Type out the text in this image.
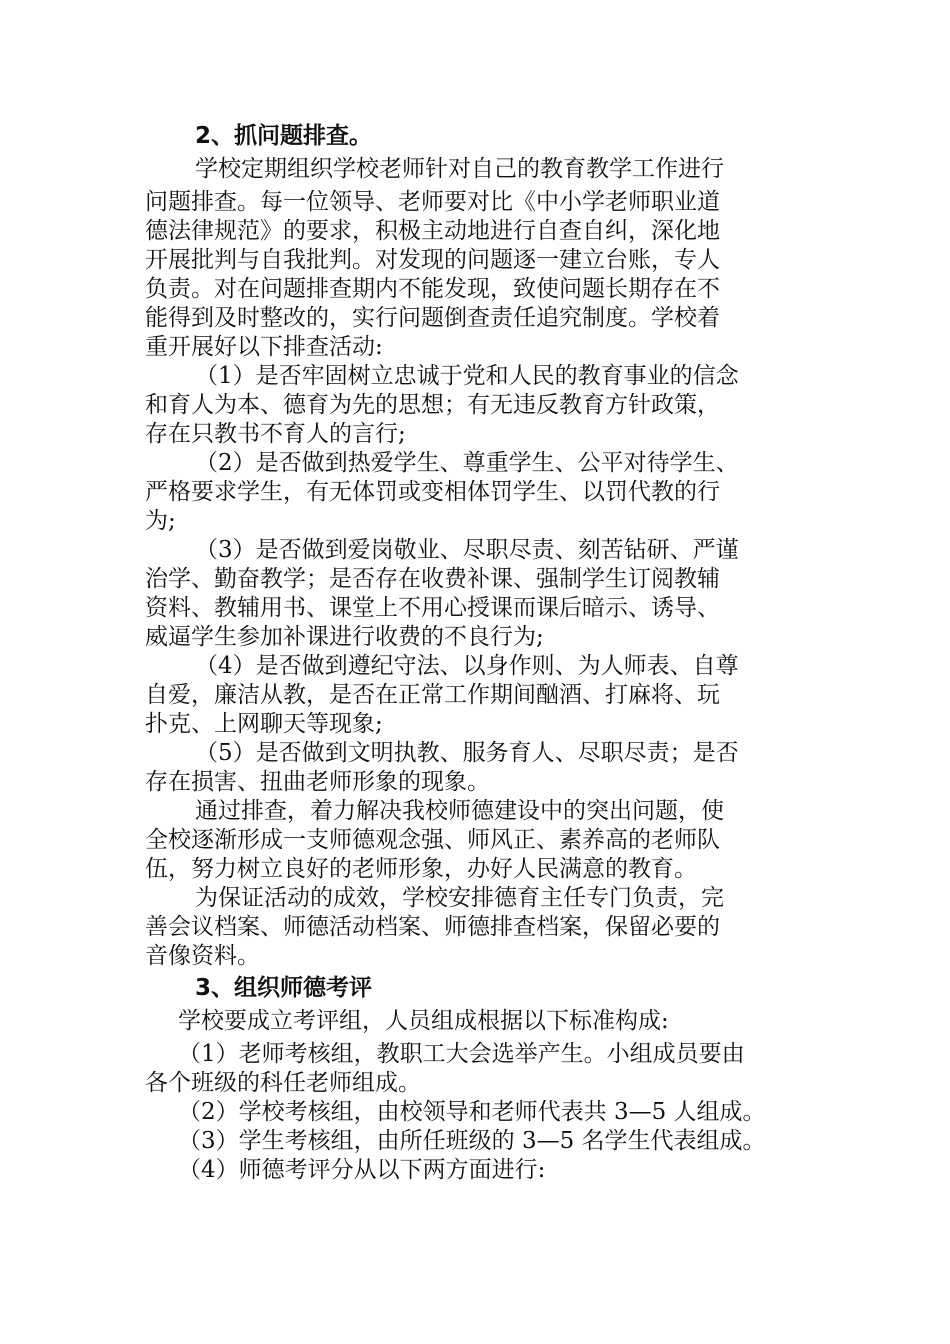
2、抓问题排查。
学校定期组织学校老师针对自己的教育教学工作进行
问题排查。每一位领导、老师要对比《中小学老师职业道
德法律规范》的要求，积极主动地进行自查自纠，深化地
开展批判与自我批判。对发现的问题逐一建立台账，专人
负责。对在问题排查期内不能发现，致使问题长期存在不
能得到及时整改的，实行问题倒查责任追究制度。学校着
重开展好以下排查活动:
（1）是否牢固树立忠诚于党和人民的教育事业的信念
和育人为本、德育为先的思想；有无违反教育方针政策，
存在只教书不育人的言行;
（2）是否做到热爱学生、尊重学生、公平对待学生、
严格要求学生，有无体罚或变相体罚学生、以罚代教的行
为;
（3）是否做到爱岗敬业、尽职尽责、刻苦钻研、严谨
治学、勤奋教学；是否存在收费补课、强制学生订阅教辅
资料、教辅用书、课堂上不用心授课而课后暗示、诱导、
威逼学生参加补课进行收费的不良行为;
（4）是否做到遵纪守法、以身作则、为人师表、自尊
自爱，廉洁从教，是否在正常工作期间酗酒、打麻将、玩
扑克、上网聊天等现象;
（5）是否做到文明执教、服务育人、尽职尽责；是否
存在损害、扭曲老师形象的现象。
通过排查，着力解决我校师德建设中的突出问题，使
全校逐渐形成一支师德观念强、师风正、素养高的老师队
伍，努力树立良好的老师形象，办好人民满意的教育。
为保证活动的成效，学校安排德育主任专门负责，完
善会议档案、师德活动档案、师德排查档案，保留必要的
音像资料。
3、组织师德考评
学校要成立考评组，人员组成根据以下标准构成:
（1）老师考核组，教职工大会选举产生。小组成员要由
各个班级的科任老师组成。
（2）学校考核组，由校领导和老师代表共 3—5 人组成。
（3）学生考核组，由所任班级的 3—5 名学生代表组成。
（4）师德考评分从以下两方面进行:
